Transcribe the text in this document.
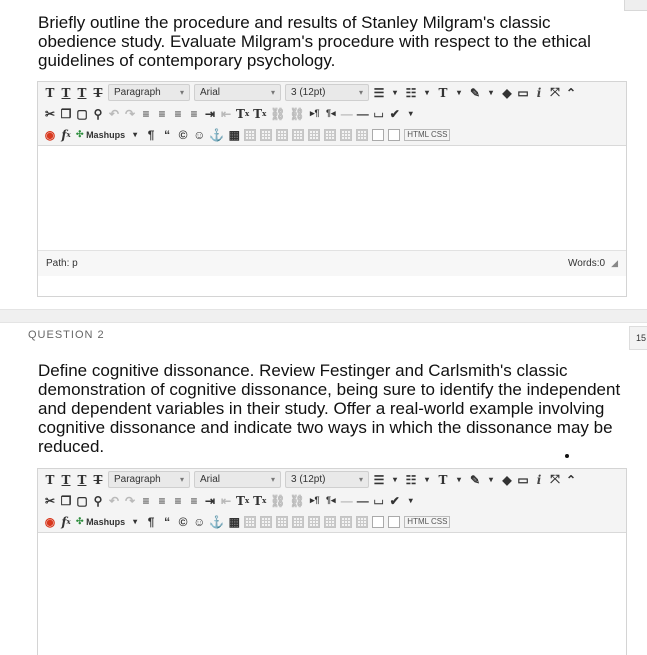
Briefly outline the procedure and results of Stanley Milgram's classic obedience study. Evaluate Milgram's procedure with respect to the ethical guidelines of contemporary psychology.
T T T T Paragraph ▾ Arial	▾ 3 (12pt)	▾ ☰	▾ ☷	▾ T	▾ ✎	▾ ◆ ▭ i ⤧ ⌃
✂ ❐ ▢ ⚲ ↶ ↷ ≡ ≡ ≡ ≡ ⇥ ⇤ T x T x ⛓ ⛓ ▸¶ ¶◂ — — ⌴ ✔	▾
◉ f x ✣
Mashups ▾ ¶ “ © ☺ ⚓ ▦	HTML CSS
Path: p	Words:0 ◢
QUESTION 2	15
Define cognitive dissonance. Review Festinger and Carlsmith's classic demonstration of cognitive dissonance, being sure to identify the independent and dependent variables in their study. Offer a real-world example involving cognitive dissonance and indicate two ways in which the dissonance may be reduced.
T T T T Paragraph ▾ Arial	▾ 3 (12pt)	▾ ☰	▾ ☷	▾ T	▾ ✎	▾ ◆ ▭ i ⤧ ⌃
✂ ❐ ▢ ⚲ ↶ ↷ ≡ ≡ ≡ ≡ ⇥ ⇤ T x T x ⛓ ⛓ ▸¶ ¶◂ — — ⌴ ✔	▾
◉ f x ✣
Mashups ▾ ¶ “ © ☺ ⚓ ▦	HTML CSS
